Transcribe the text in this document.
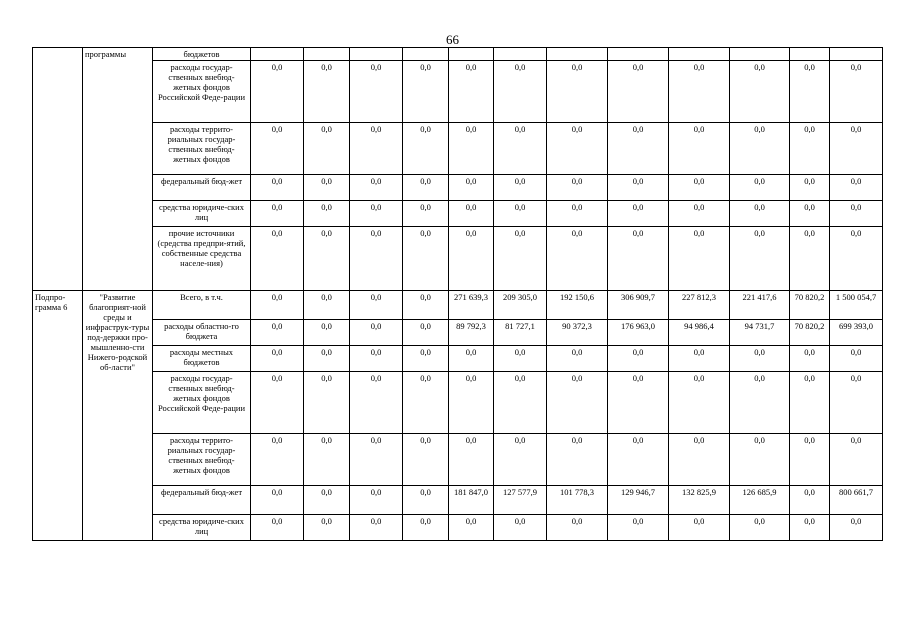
66
	программы	бюджетов												
		расходы государ-ственных внебюд-жетных фондов Российской Феде-рации	0,0	0,0	0,0	0,0	0,0	0,0	0,0	0,0	0,0	0,0	0,0	0,0
		расходы террито-риальных государ-ственных внебюд-жетных фондов	0,0	0,0	0,0	0,0	0,0	0,0	0,0	0,0	0,0	0,0	0,0	0,0
		федеральный бюд-жет	0,0	0,0	0,0	0,0	0,0	0,0	0,0	0,0	0,0	0,0	0,0	0,0
		средства юридиче-ских лиц	0,0	0,0	0,0	0,0	0,0	0,0	0,0	0,0	0,0	0,0	0,0	0,0
		прочие источники (средства предпри-ятий, собственные средства населе-ния)	0,0	0,0	0,0	0,0	0,0	0,0	0,0	0,0	0,0	0,0	0,0	0,0
Подпро-грамма 6	"Развитие благоприят-ной среды и инфраструк-туры под-держки про-мышленно-сти Нижего-родской об-ласти"	Всего, в т.ч.	0,0	0,0	0,0	0,0	271 639,3	209 305,0	192 150,6	306 909,7	227 812,3	221 417,6	70 820,2	1 500 054,7
		расходы областно-го бюджета	0,0	0,0	0,0	0,0	89 792,3	81 727,1	90 372,3	176 963,0	94 986,4	94 731,7	70 820,2	699 393,0
		расходы местных бюджетов	0,0	0,0	0,0	0,0	0,0	0,0	0,0	0,0	0,0	0,0	0,0	0,0
		расходы государ-ственных внебюд-жетных фондов Российской Феде-рации	0,0	0,0	0,0	0,0	0,0	0,0	0,0	0,0	0,0	0,0	0,0	0,0
		расходы террито-риальных государ-ственных внебюд-жетных фондов	0,0	0,0	0,0	0,0	0,0	0,0	0,0	0,0	0,0	0,0	0,0	0,0
		федеральный бюд-жет	0,0	0,0	0,0	0,0	181 847,0	127 577,9	101 778,3	129 946,7	132 825,9	126 685,9	0,0	800 661,7
		средства юридиче-ских лиц	0,0	0,0	0,0	0,0	0,0	0,0	0,0	0,0	0,0	0,0	0,0	0,0
